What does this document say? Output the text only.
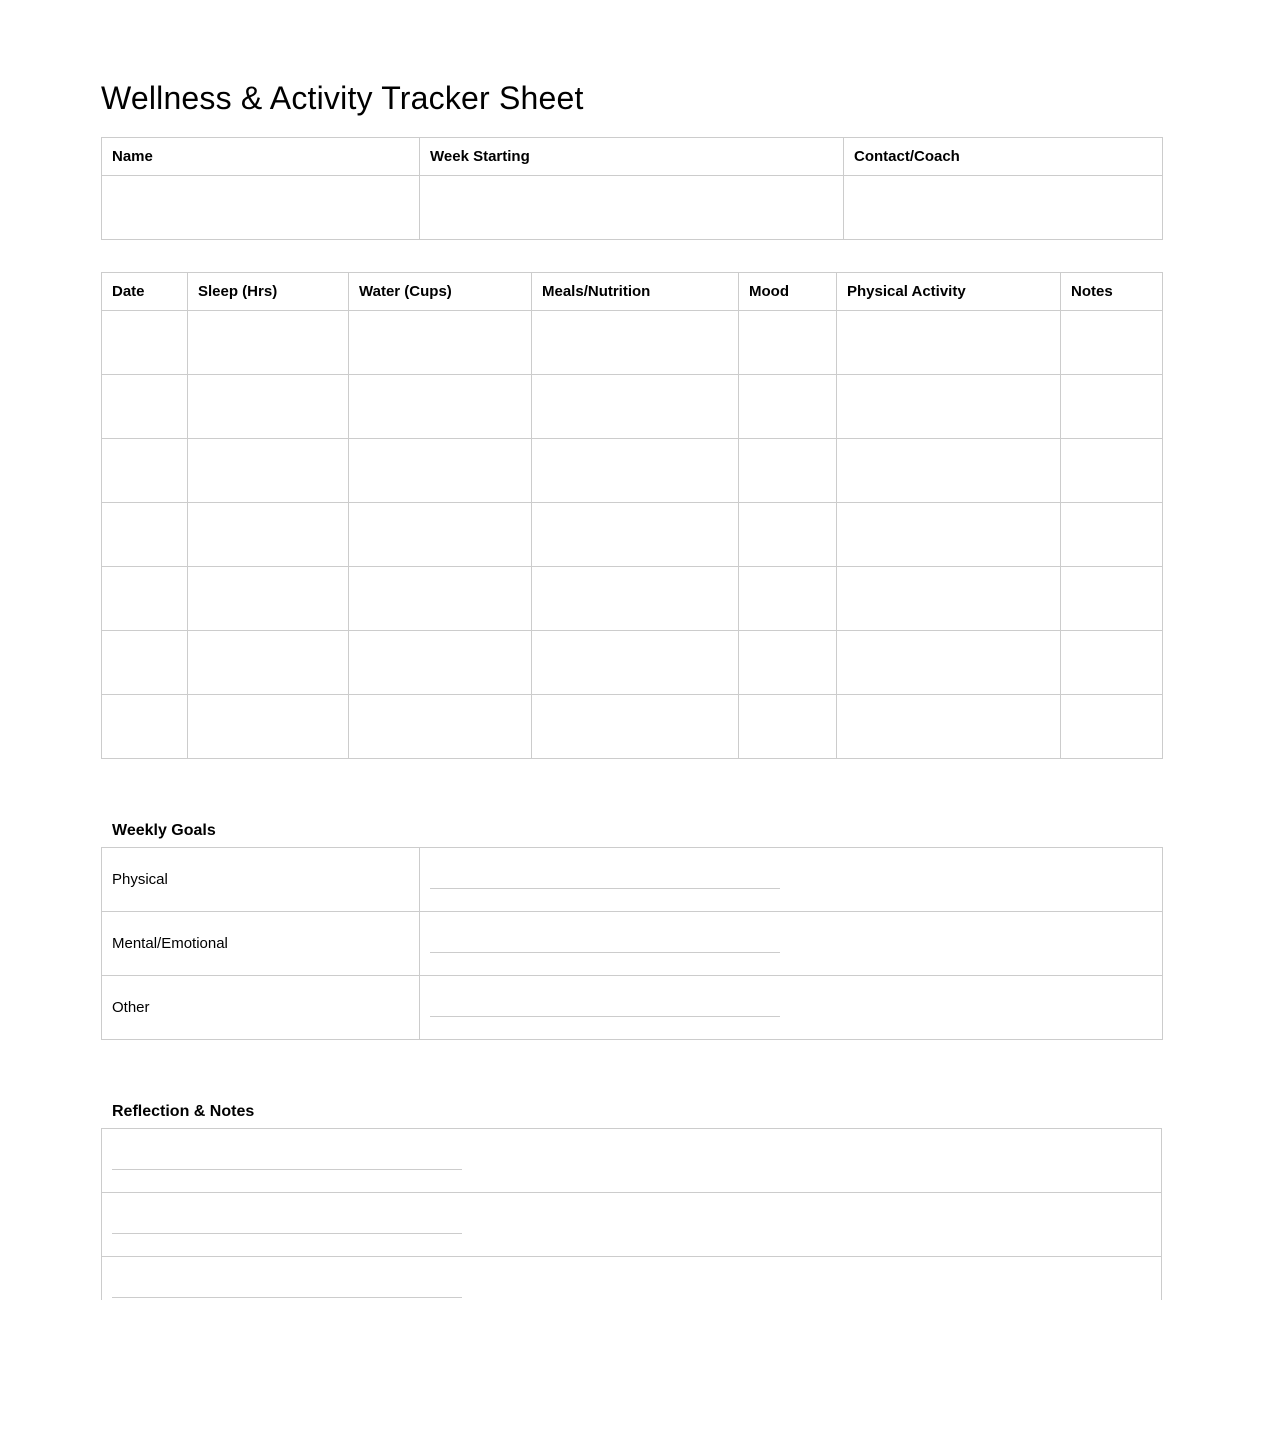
Wellness & Activity Tracker Sheet
Name	Week Starting	Contact/Coach

Date	Sleep (Hrs)	Water (Cups)	Meals/Nutrition	Mood	Physical Activity	Notes

Weekly Goals
Physical	

Mental/Emotional	

Other	
Reflection & Notes
